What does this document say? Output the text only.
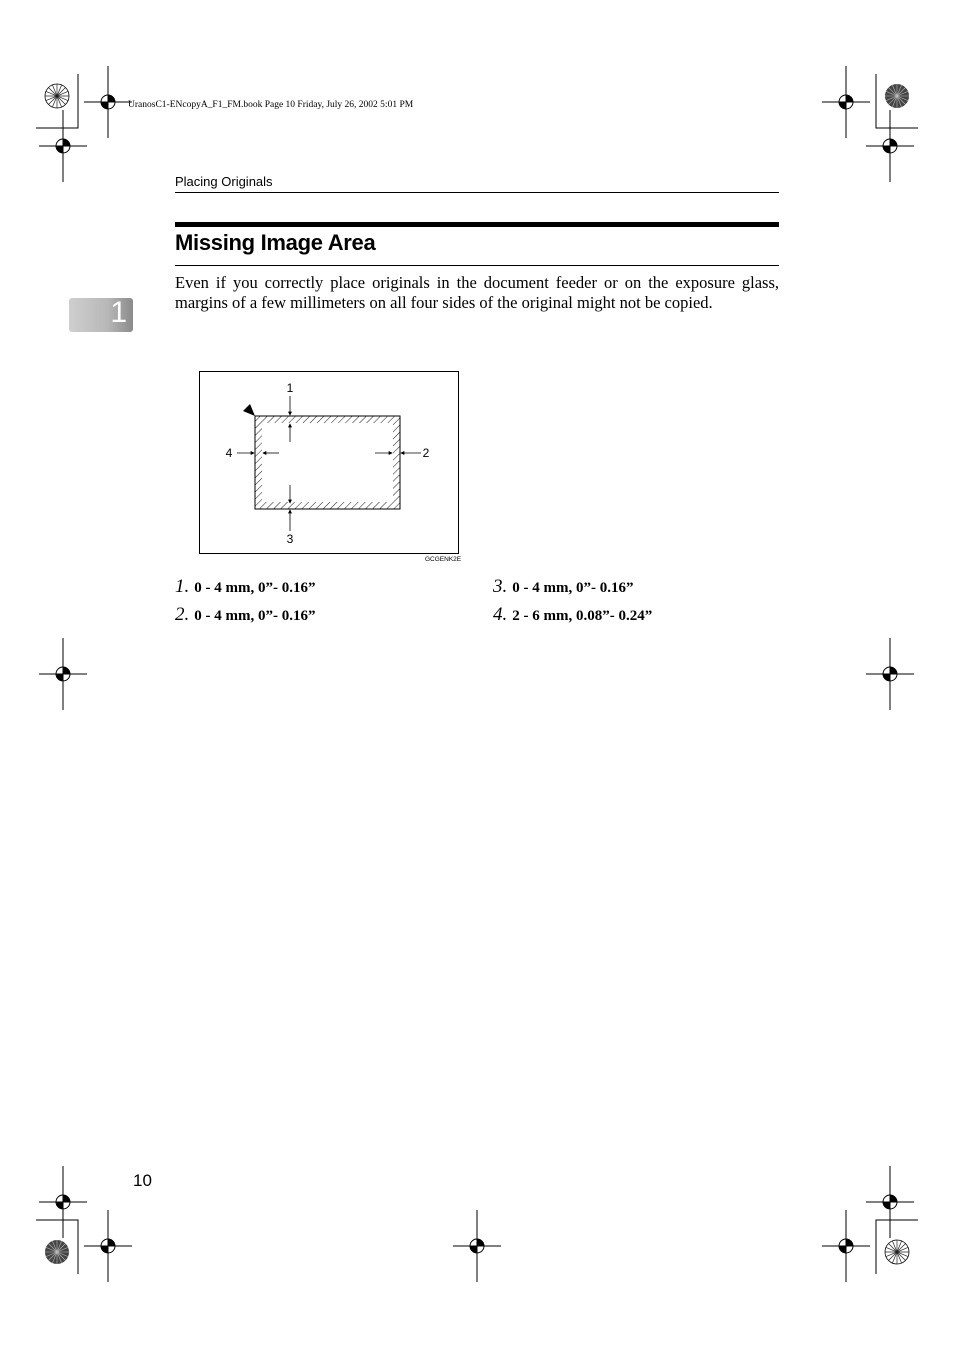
UranosC1-ENcopyA_F1_FM.book Page 10 Friday, July 26, 2002 5:01 PM
Placing Originals
1
Missing Image Area
Even if you correctly place originals in the document feeder or on the exposure glass, margins of a few millimeters on all four sides of the original might not be copied.
1
2
3
4
GCGENK2E
1. 0 - 4 mm, 0”- 0.16”
2. 0 - 4 mm, 0”- 0.16”
3. 0 - 4 mm, 0”- 0.16”
4. 2 - 6 mm, 0.08”- 0.24”
10
